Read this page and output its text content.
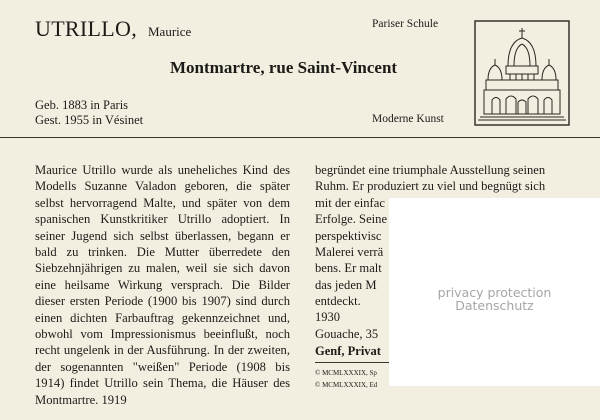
UTRILLO, Maurice	Pariser Schule
Montmartre, rue Saint-Vincent
Geb. 1883 in Paris
Gest. 1955 in Vésinet	Moderne Kunst

Maurice Utrillo wurde als uneheliches Kind des Modells Suzanne Valadon geboren, die später selbst hervorragend Malte, und später von dem spanischen Kunstkritiker Utrillo adoptiert. In seiner Jugend sich selbst überlassen, begann er bald zu trinken. Die Mutter überredete den Siebzehnjährigen zu malen, weil sie sich davon eine heilsame Wirkung versprach. Die Bilder dieser ersten Periode (1900 bis 1907) sind durch einen dichten Farbauftrag gekennzeichnet und, obwohl vom Impressionismus beeinflußt, noch recht ungelenk in der Ausführung. In der zweiten, der sogenannten "weißen" Periode (1908 bis 1914) findet Utrillo sein Thema, die Häuser des Montmartre. 1919

begründet eine triumphale Ausstellung seinen
Ruhm. Er produziert zu viel und begnügt sich
mit der einfac
Erfolge. Seine
perspektivisc
Malerei verrä
bens. Er malt
das jeden M
entdeckt.
1930
Gouache, 35
Genf, Privat
© MCMLXXXIX, Sp
© MCMLXXXIX, Ed
privacy protection
Datenschutz
